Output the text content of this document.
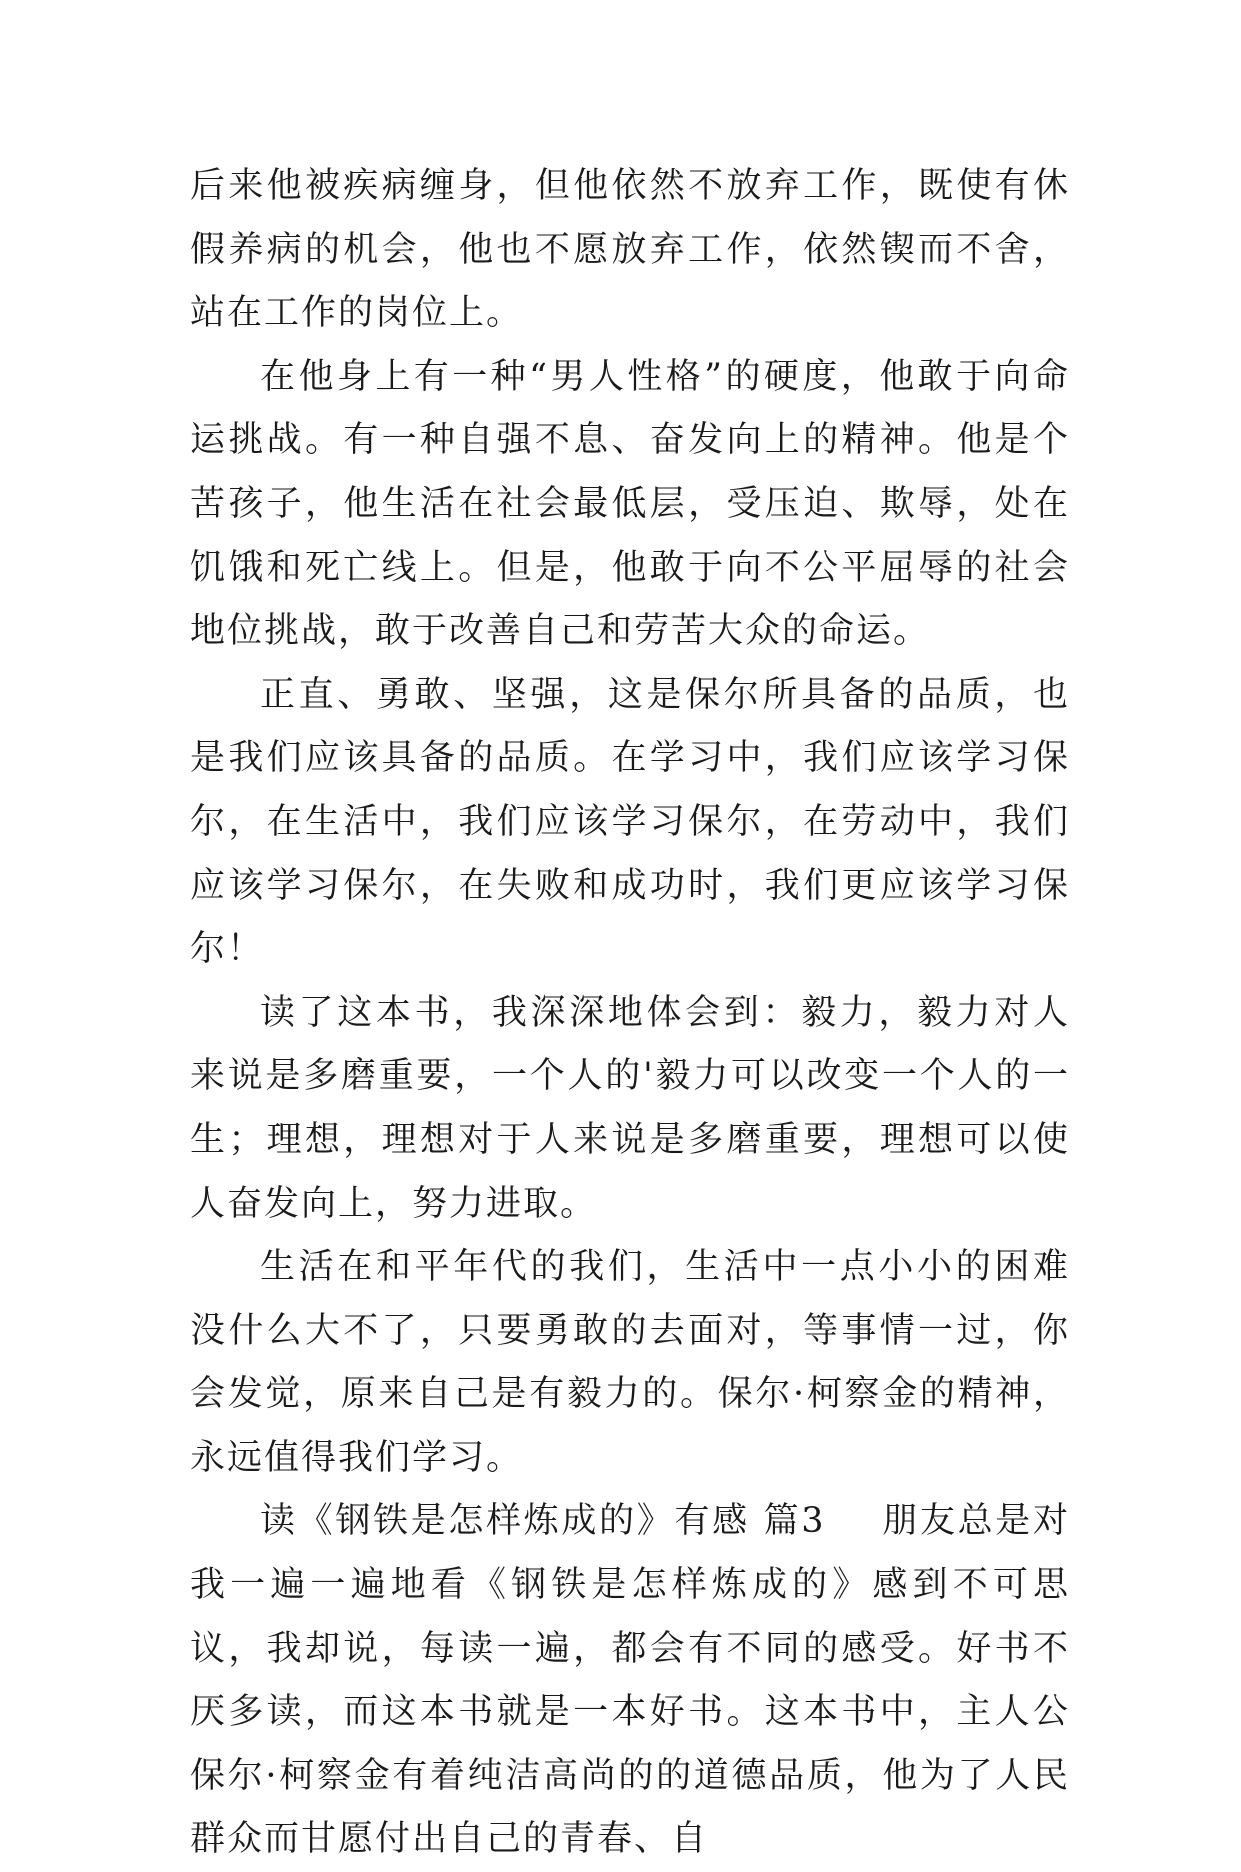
后来他被疾病缠身，但他依然不放弃工作，既使有休假养病的机会，他也不愿放弃工作，依然锲而不舍，站在工作的岗位上。

在他身上有一种“男人性格”的硬度，他敢于向命运挑战。有一种自强不息、奋发向上的精神。他是个苦孩子，他生活在社会最低层，受压迫、欺辱，处在饥饿和死亡线上。但是，他敢于向不公平屈辱的社会地位挑战，敢于改善自己和劳苦大众的命运。

正直、勇敢、坚强，这是保尔所具备的品质，也是我们应该具备的品质。在学习中，我们应该学习保尔，在生活中，我们应该学习保尔，在劳动中，我们应该学习保尔，在失败和成功时，我们更应该学习保尔！

读了这本书，我深深地体会到：毅力，毅力对人来说是多磨重要，一个人的'毅力可以改变一个人的一生；理想，理想对于人来说是多磨重要，理想可以使人奋发向上，努力进取。

生活在和平年代的我们，生活中一点小小的困难没什么大不了，只要勇敢的去面对，等事情一过，你会发觉，原来自己是有毅力的。保尔·柯察金的精神，永远值得我们学习。

读《钢铁是怎样炼成的》有感 篇3 朋友总是对我一遍一遍地看《钢铁是怎样炼成的》感到不可思议，我却说，每读一遍，都会有不同的感受。好书不厌多读，而这本书就是一本好书。这本书中，主人公保尔·柯察金有着纯洁高尚的的道德品质，他为了人民群众而甘愿付出自己的青春、自
